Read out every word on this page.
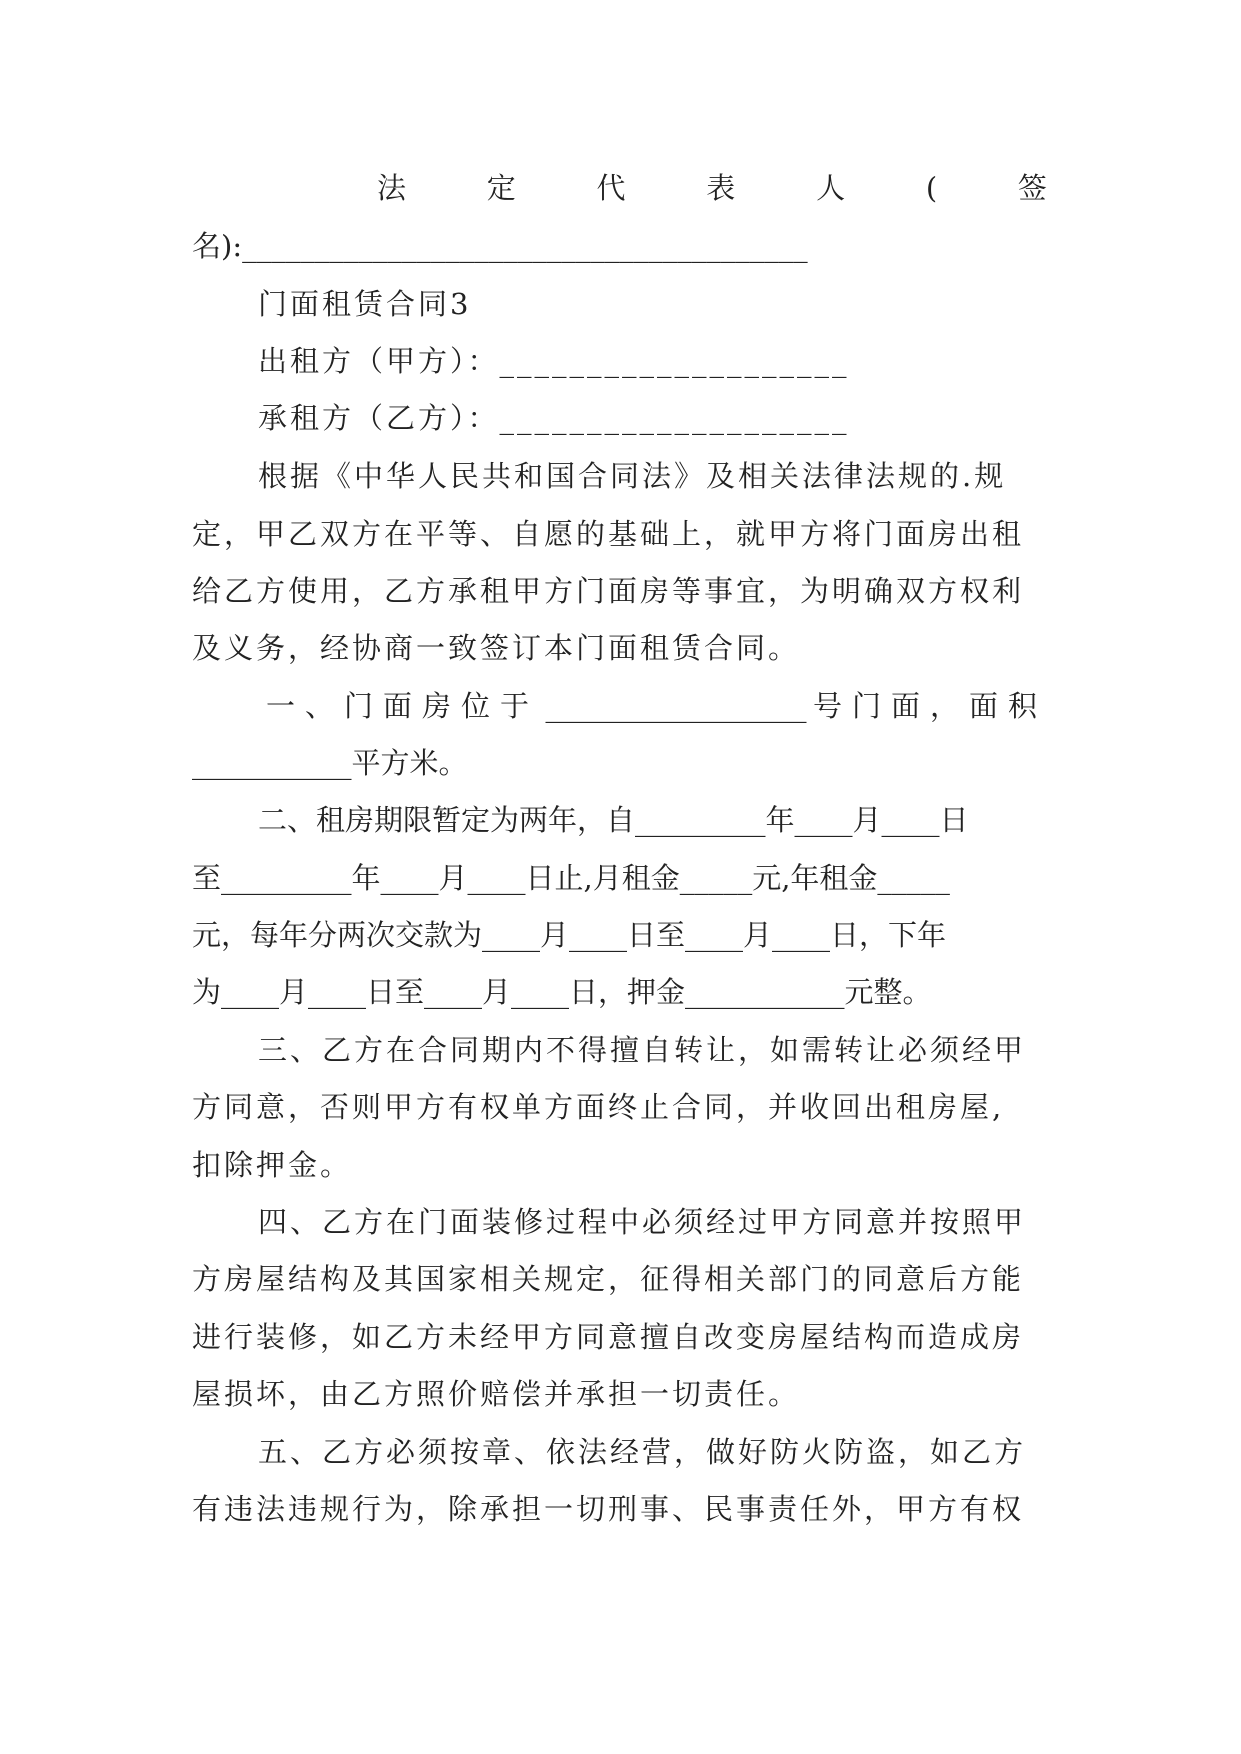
法	定	代	表	人	(	签
名):_______________________________________
门面租赁合同3
出租方（甲方）：____________________
承租方（乙方）：____________________
根据《中华人民共和国合同法》及相关法律法规的.规
定，甲乙双方在平等、自愿的基础上，就甲方将门面房出租
给乙方使用，乙方承租甲方门面房等事宜，为明确双方权利
及义务，经协商一致签订本门面租赁合同。
一、门面房位于 __________________ 号门面，面积
___________平方米。
二、租房期限暂定为两年，自_________年____月____日
至_________年____月____日止,月租金_____元,年租金_____
元，每年分两次交款为____月____日至____月____日，下年
为____月____日至____月____日，押金___________元整。
三、乙方在合同期内不得擅自转让，如需转让必须经甲
方同意，否则甲方有权单方面终止合同，并收回出租房屋,
扣除押金。
四、乙方在门面装修过程中必须经过甲方同意并按照甲
方房屋结构及其国家相关规定，征得相关部门的同意后方能
进行装修，如乙方未经甲方同意擅自改变房屋结构而造成房
屋损坏，由乙方照价赔偿并承担一切责任。
五、乙方必须按章、依法经营，做好防火防盗，如乙方
有违法违规行为，除承担一切刑事、民事责任外，甲方有权
